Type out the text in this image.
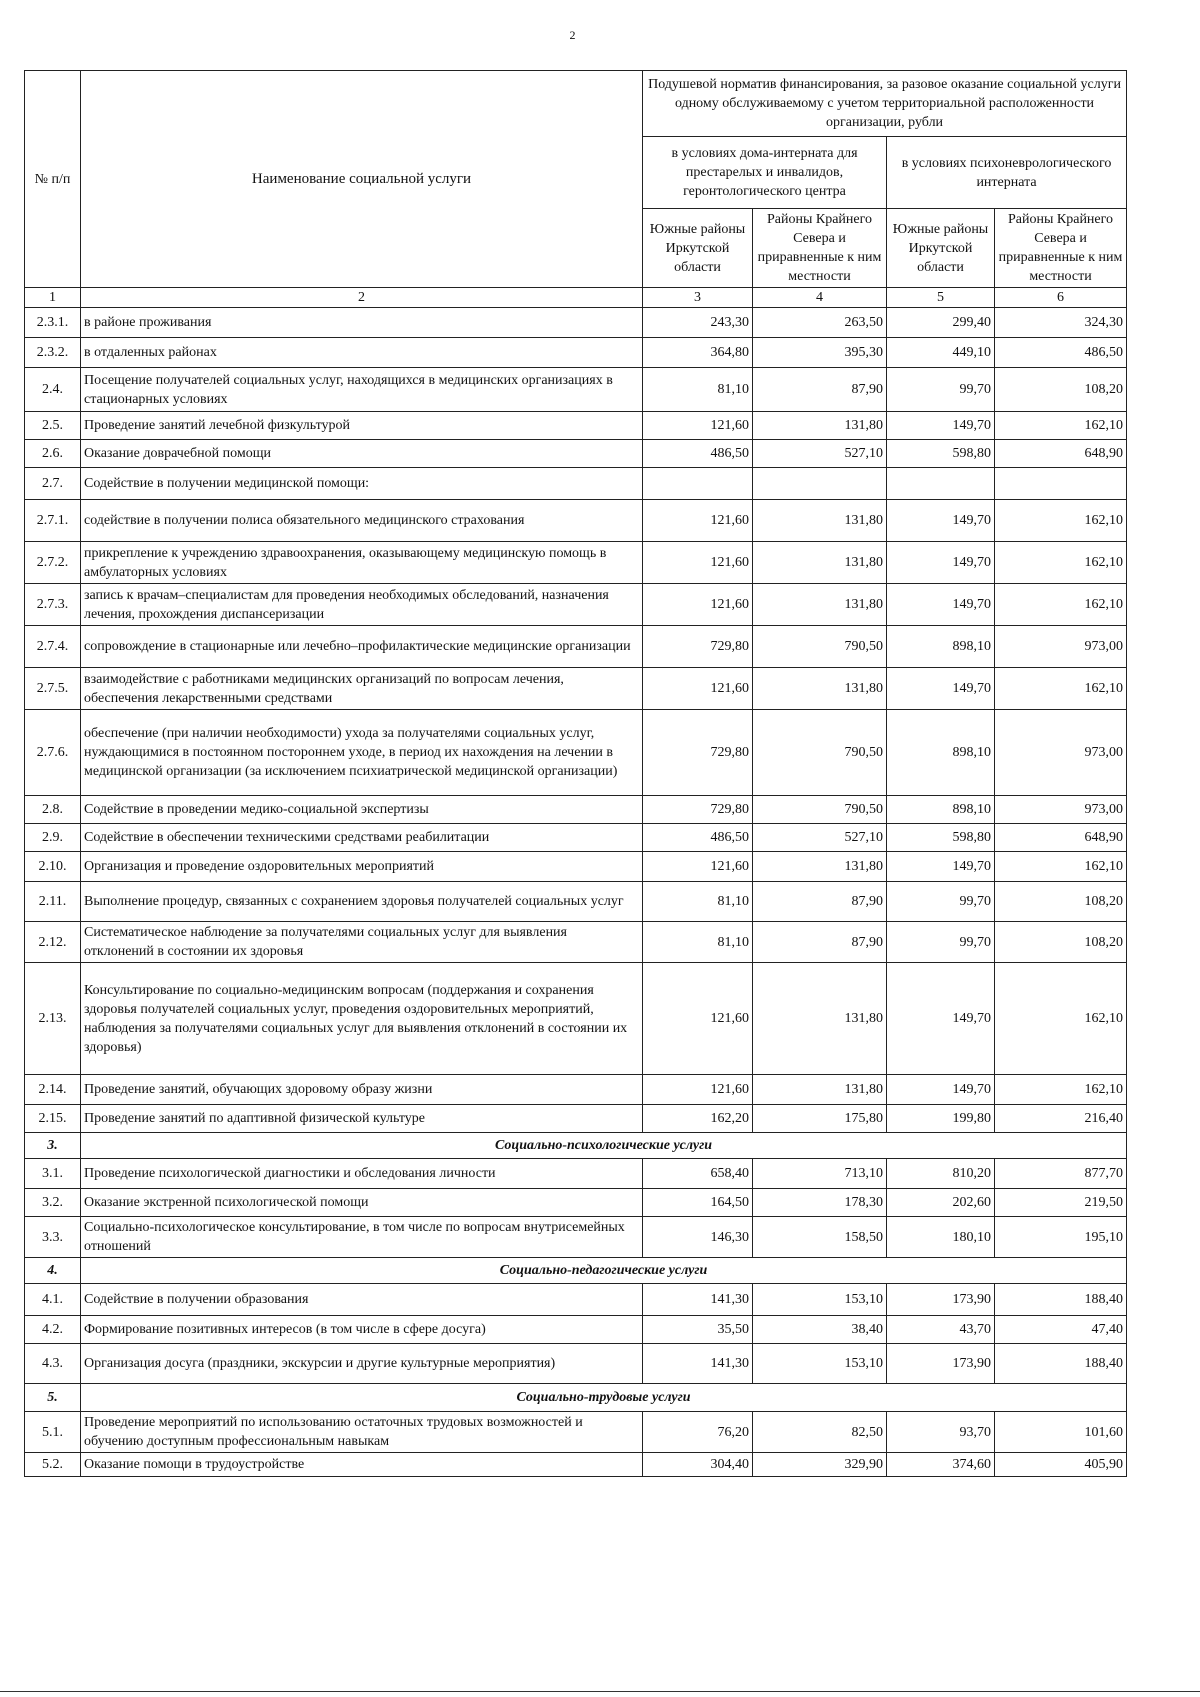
2
№ п/п	Наименование социальной услуги	Подушевой норматив финансирования, за разовое оказание социальной услуги одному обслуживаемому с учетом территориальной расположенности организации, рубли			
		в условиях дома-интерната для престарелых и инвалидов, геронтологического центра		в условиях психоневрологического интерната	
		Южные районы Иркутской области	Районы Крайнего Севера и приравненные к ним местности	Южные районы Иркутской области	Районы Крайнего Севера и приравненные к ним местности
1	2	3	4	5	6
2.3.1.	в районе проживания	243,30	263,50	299,40	324,30
2.3.2.	в отдаленных районах	364,80	395,30	449,10	486,50
2.4.	Посещение получателей социальных услуг, находящихся в медицинских организациях в стационарных условиях	81,10	87,90	99,70	108,20
2.5.	Проведение занятий лечебной физкультурой	121,60	131,80	149,70	162,10
2.6.	Оказание доврачебной помощи	486,50	527,10	598,80	648,90
2.7.	Содействие в получении медицинской помощи:				
2.7.1.	содействие в получении полиса обязательного медицинского страхования	121,60	131,80	149,70	162,10
2.7.2.	прикрепление к учреждению здравоохранения, оказывающему медицинскую помощь в амбулаторных условиях	121,60	131,80	149,70	162,10
2.7.3.	запись к врачам–специалистам для проведения необходимых обследований, назначения лечения, прохождения диспансеризации	121,60	131,80	149,70	162,10
2.7.4.	сопровождение в стационарные или лечебно–профилактические медицинские организации	729,80	790,50	898,10	973,00
2.7.5.	взаимодействие с работниками медицинских организаций по вопросам лечения, обеспечения лекарственными средствами	121,60	131,80	149,70	162,10
2.7.6.	обеспечение (при наличии необходимости) ухода за получателями социальных услуг, нуждающимися в постоянном постороннем уходе, в период их нахождения на лечении в медицинской организации (за исключением психиатрической медицинской организации)	729,80	790,50	898,10	973,00
2.8.	Содействие в проведении медико-социальной экспертизы	729,80	790,50	898,10	973,00
2.9.	Содействие в обеспечении техническими средствами реабилитации	486,50	527,10	598,80	648,90
2.10.	Организация и проведение оздоровительных мероприятий	121,60	131,80	149,70	162,10
2.11.	Выполнение процедур, связанных с сохранением здоровья получателей социальных услуг	81,10	87,90	99,70	108,20
2.12.	Систематическое наблюдение за получателями социальных услуг для выявления отклонений в состоянии их здоровья	81,10	87,90	99,70	108,20
2.13.	Консультирование по социально-медицинским вопросам (поддержания и сохранения здоровья получателей социальных услуг, проведения оздоровительных мероприятий, наблюдения за получателями социальных услуг для выявления отклонений в состоянии их здоровья)	121,60	131,80	149,70	162,10
2.14.	Проведение занятий, обучающих здоровому образу жизни	121,60	131,80	149,70	162,10
2.15.	Проведение занятий по адаптивной физической культуре	162,20	175,80	199,80	216,40
3.	Социально-психологические услуги				
3.1.	Проведение психологической диагностики и обследования личности	658,40	713,10	810,20	877,70
3.2.	Оказание экстренной психологической помощи	164,50	178,30	202,60	219,50
3.3.	Социально-психологическое консультирование, в том числе по вопросам внутрисемейных отношений	146,30	158,50	180,10	195,10
4.	Социально-педагогические услуги				
4.1.	Содействие в получении образования	141,30	153,10	173,90	188,40
4.2.	Формирование позитивных интересов (в том числе в сфере досуга)	35,50	38,40	43,70	47,40
4.3.	Организация досуга (праздники, экскурсии и другие культурные мероприятия)	141,30	153,10	173,90	188,40
5.	Социально-трудовые услуги				
5.1.	Проведение мероприятий по использованию остаточных трудовых возможностей и обучению доступным профессиональным навыкам	76,20	82,50	93,70	101,60
5.2.	Оказание помощи в трудоустройстве	304,40	329,90	374,60	405,90
